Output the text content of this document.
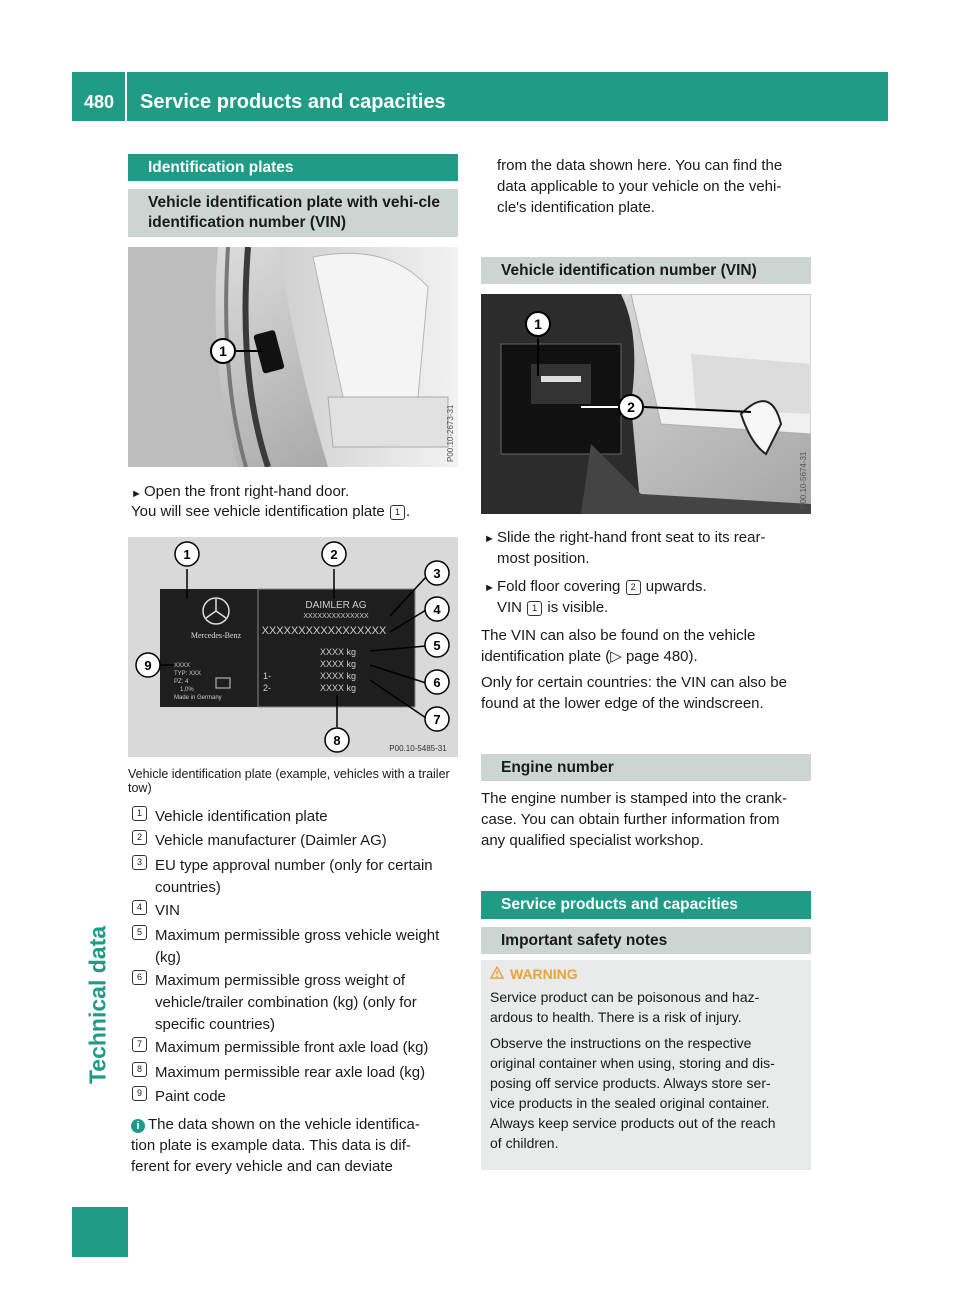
480	Service products and capacities
Technical data
Identification plates
Vehicle identification plate with vehi-cle identification number (VIN)
1
P00.10-2673-31
► Open the front right-hand door.
You will see vehicle identification plate 1 .
Mercedes-Benz
DAIMLER AG
XXXXXXXXXXXXXX
XXXXXXXXXXXXXXXXX
XXXX kg
XXXX kg
XXXX kg
XXXX kg
1-
2-
XXXX
TYP: XXX
PZ: 4
1,0%
Made in Germany
1	2
3
4
5
6
7
8
9
P00.10-5485-31
Vehicle identification plate (example, vehicles with a trailer tow)
1 Vehicle identification plate
2 Vehicle manufacturer (Daimler AG)
3 EU type approval number (only for certain countries)
4 VIN
5 Maximum permissible gross vehicle weight (kg)
6 Maximum permissible gross weight of vehicle/trailer combination (kg) (only for specific countries)
7 Maximum permissible front axle load (kg)
8 Maximum permissible rear axle load (kg)
9 Paint code
i The data shown on the vehicle identifica-
tion plate is example data. This data is dif-
ferent for every vehicle and can deviate
from the data shown here. You can find the
data applicable to your vehicle on the vehi-
cle's identification plate.
Vehicle identification number (VIN)
1
2
P00.10-5674-31
► Slide the right-hand front seat to its rear-
most position.
► Fold floor covering 2 upwards.
VIN 1 is visible.
The VIN can also be found on the vehicle
identification plate (▷ page 480).
Only for certain countries: the VIN can also be
found at the lower edge of the windscreen.
Engine number
The engine number is stamped into the crank-
case. You can obtain further information from
any qualified specialist workshop.
Service products and capacities
Important safety notes
WARNING
Service product can be poisonous and haz-
ardous to health. There is a risk of injury.
Observe the instructions on the respective
original container when using, storing and dis-
posing off service products. Always store ser-
vice products in the sealed original container.
Always keep service products out of the reach
of children.
